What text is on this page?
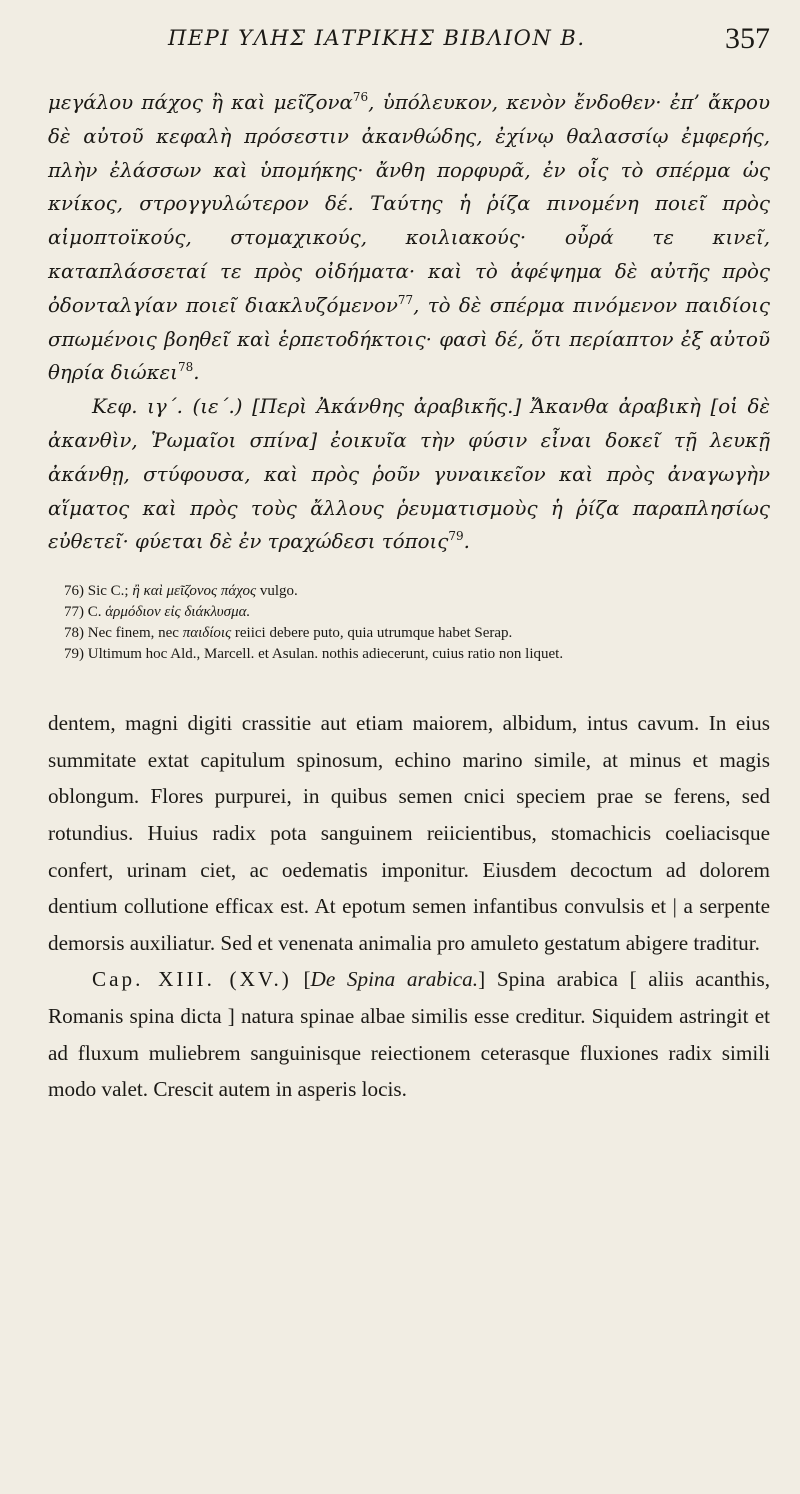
ΠΕΡΙ ΥΛΗΣ ΙΑΤΡΙΚΗΣ ΒΙΒΛΙΟΝ Β.	357

μεγάλου πάχος ἢ καὶ μεῖζονα$^{76}$, ὑπόλευκον, κενὸν ἔνδοθεν· ἐπ’ ἄκρου δὲ αὐτοῦ κεφαλὴ πρόσεστιν ἀκανθώδης, ἐχίνῳ θαλασσίῳ ἐμφερής, πλὴν ἐλάσσων καὶ ὑπομήκης· ἄνθη πορφυρᾶ, ἐν οἷς τὸ σπέρμα ὡς κνίκος, στρογγυλώτερον δέ. Ταύτης ἡ ῥίζα πινομένη ποιεῖ πρὸς αἱμοπτοϊκούς, στομαχικούς, κοιλιακούς· οὖρά τε κινεῖ, καταπλάσσεταί τε πρὸς οἰδήματα· καὶ τὸ ἀφέψημα δὲ αὐτῆς πρὸς ὀδονταλγίαν ποιεῖ διακλυζόμενον$^{77}$, τὸ δὲ σπέρμα πινόμενον παιδίοις σπωμένοις βοηθεῖ καὶ ἑρπετοδήκτοις· φασὶ δέ, ὅτι περίαπτον ἐξ αὐτοῦ θηρία διώκει$^{78}$.

Κεφ. ιγ΄. (ιε΄.) [Περὶ Ἀκάνθης ἀραβικῆς.] Ἄκανθα ἀραβικὴ [οἱ δὲ ἀκανθὶν, Ῥωμαῖοι σπίνα] ἐοικυῖα τὴν φύσιν εἶναι δοκεῖ τῇ λευκῇ ἀκάνθῃ, στύφουσα, καὶ πρὸς ῥοῦν γυναικεῖον καὶ πρὸς ἀναγωγὴν αἵματος καὶ πρὸς τοὺς ἄλλους ῥευματισμοὺς ἡ ῥίζα παραπλησίως εὐθετεῖ· φύεται δὲ ἐν τραχώδεσι τόποις$^{79}$.

76) Sic C.; ἢ καὶ μεῖζονος πάχος vulgo.

77) C. ἁρμόδιον εἰς διάκλυσμα.

78) Nec finem, nec παιδίοις reiici debere puto, quia utrumque habet Serap.

79) Ultimum hoc Ald., Marcell. et Asulan. nothis adiecerunt, cuius ratio non liquet.

dentem, magni digiti crassitie aut etiam maiorem, albidum, intus cavum. In eius summitate extat capitulum spinosum, echino marino simile, at minus et magis oblongum. Flores purpurei, in quibus semen cnici speciem prae se ferens, sed rotundius. Huius radix pota sanguinem reiicientibus, stomachicis coeliacisque confert, urinam ciet, ac oedematis imponitur. Eiusdem decoctum ad dolorem dentium collutione efficax est. At epotum semen infantibus convulsis et | a serpente demorsis auxiliatur. Sed et venenata animalia pro amuleto gestatum abigere traditur.

Cap. XIII. (XV.) [De Spina arabica.] Spina arabica [ aliis acanthis, Romanis spina dicta ] natura spinae albae similis esse creditur. Siquidem astringit et ad fluxum muliebrem sanguinisque reiectionem ceterasque fluxiones radix simili modo valet. Crescit autem in asperis locis.
